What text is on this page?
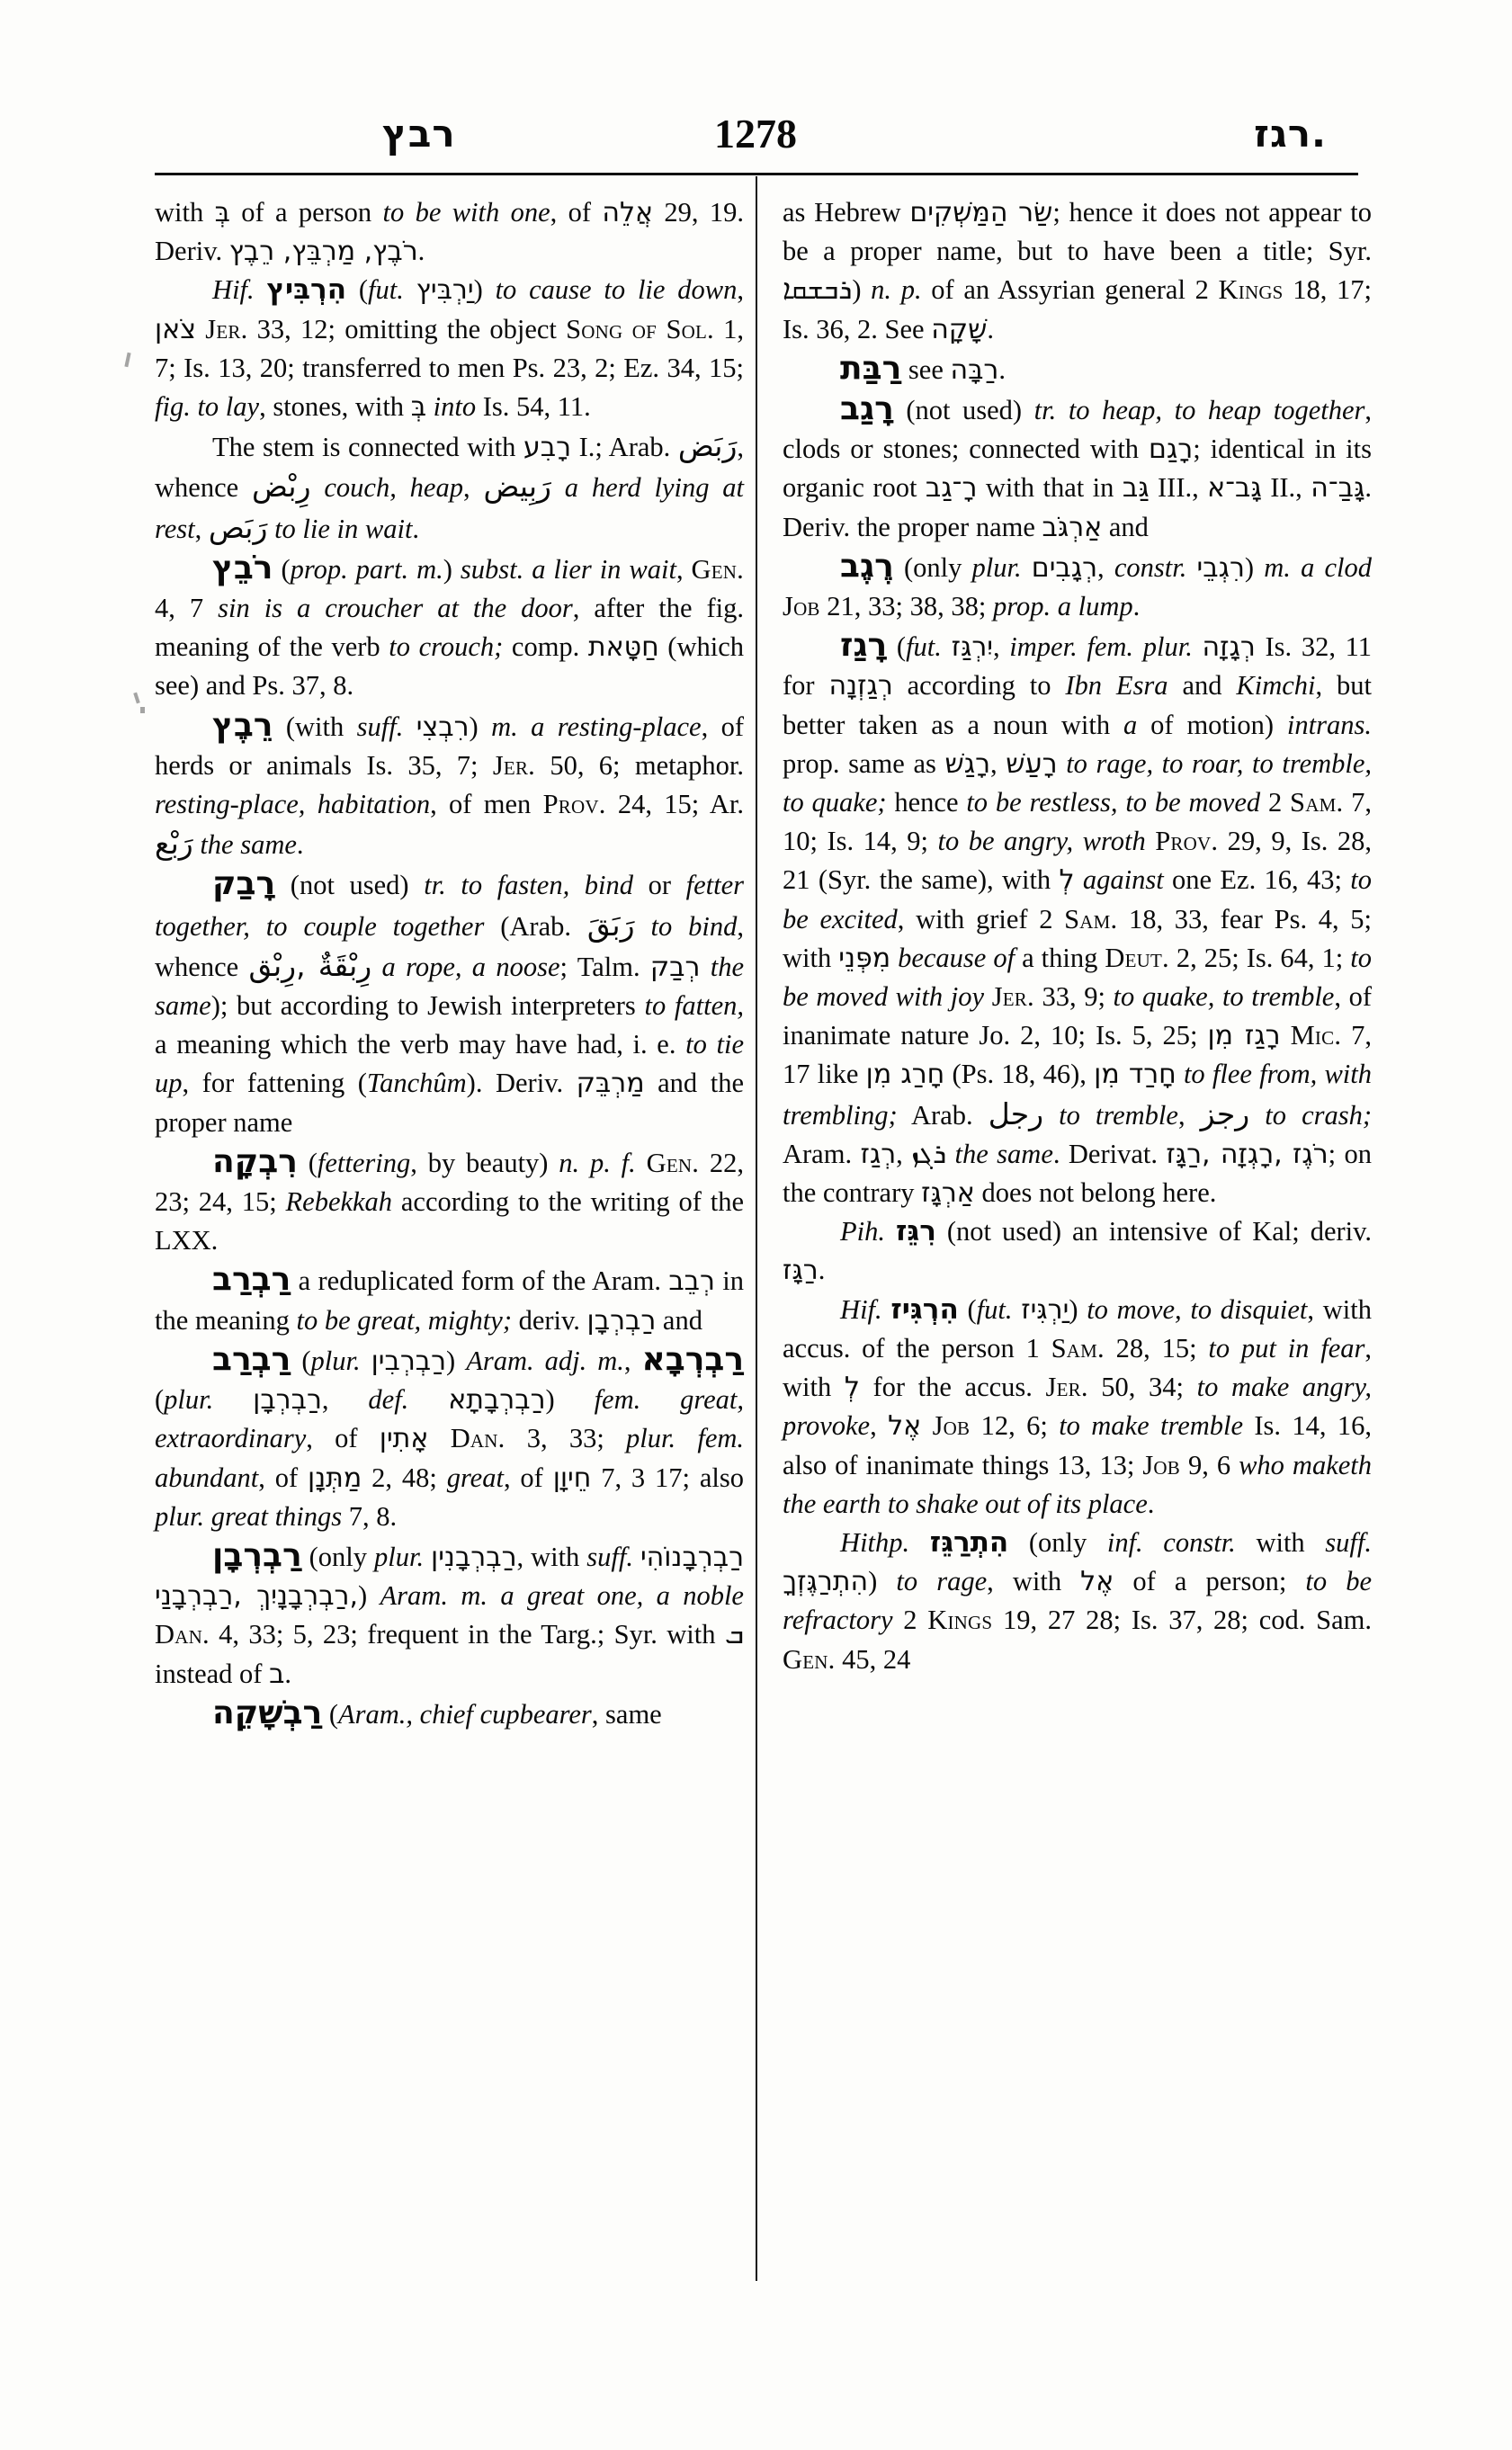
רבץ	1278	רגז.

with בְּ of a person to be with one, of אֲלֵה 29, 19. Deriv. רֹבֶץ, מַרְבֵּץ, רֵבֶץ.

Hif. הִרְבִּיץ (fut. יַרְבִּיץ) to cause to lie down, צֹאן Jer. 33, 12; omitting the object Song of Sol. 1, 7; Is. 13, 20; transferred to men Ps. 23, 2; Ez. 34, 15; fig. to lay, stones, with בְּ into Is. 54, 11.

The stem is connected with רָבִע I.; Arab. رَبَض, whence رِبْض couch, heap, رَبِيض a herd lying at rest, رَبَص to lie in wait.

רֹבֵץ (prop. part. m.) subst. a lier in wait, Gen. 4, 7 sin is a croucher at the door, after the fig. meaning of the verb to crouch; comp. חַטָּאת (which see) and Ps. 37, 8.

רֵבֶץ (with suff. רִבְצִי) m. a resting-place, of herds or animals Is. 35, 7; Jer. 50, 6; metaphor. resting-place, habitation, of men Prov. 24, 15; Ar. رَبْع the same.

רָבַק (not used) tr. to fasten, bind or fetter together, to couple together (Arab. رَبَقَ to bind, whence رِبْقَةٌ ,رِبْق a rope, a noose; Talm. רְבַק the same); but according to Jewish interpreters to fatten, a meaning which the verb may have had, i. e. to tie up, for fattening (Tanchûm). Deriv. מַרְבֵּק and the proper name

רִבְקָה (fettering, by beauty) n. p. f. Gen. 22, 23; 24, 15; Rebekkah according to the writing of the LXX.

רַבְרַב a reduplicated form of the Aram. רְבֵב in the meaning to be great, mighty; deriv. רַבְרְבָן and

רַבְרַב (plur. רַבְרְבִין) Aram. adj. m., רַבְרְבָא (plur. רַבְרְבָן, def. רַבְרְבָתָא) fem. great, extraordinary, of אָתִין Dan. 3, 33; plur. fem. abundant, of מַתְּנָן 2, 48; great, of חֵיוָן 7, 3 17; also plur. great things 7, 8.

רַבְרְבָן (only plur. רַבְרְבָנִין, with suff. רַבְרְבָנוֹהִי ,רַבְרְבָנָיִךְ ,רַבְרְבָנַי) Aram. m. a great one, a noble Dan. 4, 33; 5, 23; frequent in the Targ.; Syr. with ܒ instead of ב.

רַבְשָׁקֵה (Aram., chief cupbearer, same

as Hebrew שַׂר הַמַּשְׁקִים; hence it does not appear to be a proper name, but to have been a title; Syr. ܪܒܫܩܐ) n. p. of an Assyrian general 2 Kings 18, 17; Is. 36, 2. See שָׁקָה.

רַבַּת see רַבָּה.

רָגַב (not used) tr. to heap, to heap together, clods or stones; connected with רָגַם; identical in its organic root רָ־גַב with that in גַּב III., גָּב־א II., גָּבַ־ה. Deriv. the proper name אַרְגֹּב and

רֶגֶב (only plur. רְגָבִים, constr. רִגְבֵי) m. a clod Job 21, 33; 38, 38; prop. a lump.

רָגַז (fut. יִרְגַּז, imper. fem. plur. רְגָזָה Is. 32, 11 for רְגַזְנָה according to Ibn Esra and Kimchi, but better taken as a noun with a of motion) intrans. prop. same as רָגַשׁ, רָעַשׁ to rage, to roar, to tremble, to quake; hence to be restless, to be moved 2 Sam. 7, 10; Is. 14, 9; to be angry, wroth Prov. 29, 9, Is. 28, 21 (Syr. the same), with לְ against one Ez. 16, 43; to be excited, with grief 2 Sam. 18, 33, fear Ps. 4, 5; with מִפְּנֵי because of a thing Deut. 2, 25; Is. 64, 1; to be moved with joy Jer. 33, 9; to quake, to tremble, of inanimate nature Jo. 2, 10; Is. 5, 25; רָגַז מִן Mic. 7, 17 like חָרַג מִן (Ps. 18, 46), חָרַד מִן to flee from, with trembling; Arab. رجل to tremble, رجز to crash; Aram. רְגַז, ܪܓܙ the same. Derivat. רֹגֶז ,רָגְזָה ,רַגָּז; on the contrary אַרְגָּז does not belong here.

Pih. רִגֵּז (not used) an intensive of Kal; deriv. רַגָּז.

Hif. הִרְגִּיז (fut. יַרְגִּיז) to move, to disquiet, with accus. of the person 1 Sam. 28, 15; to put in fear, with לְ for the accus. Jer. 50, 34; to make angry, provoke, אֶל Job 12, 6; to make tremble Is. 14, 16, also of inanimate things 13, 13; Job 9, 6 who maketh the earth to shake out of its place.

Hithp. הִתְרַגֵּז (only inf. constr. with suff. הִתְרַגֶּזְךָ) to rage, with אֶל of a person; to be refractory 2 Kings 19, 27 28; Is. 37, 28; cod. Sam. Gen. 45, 24
